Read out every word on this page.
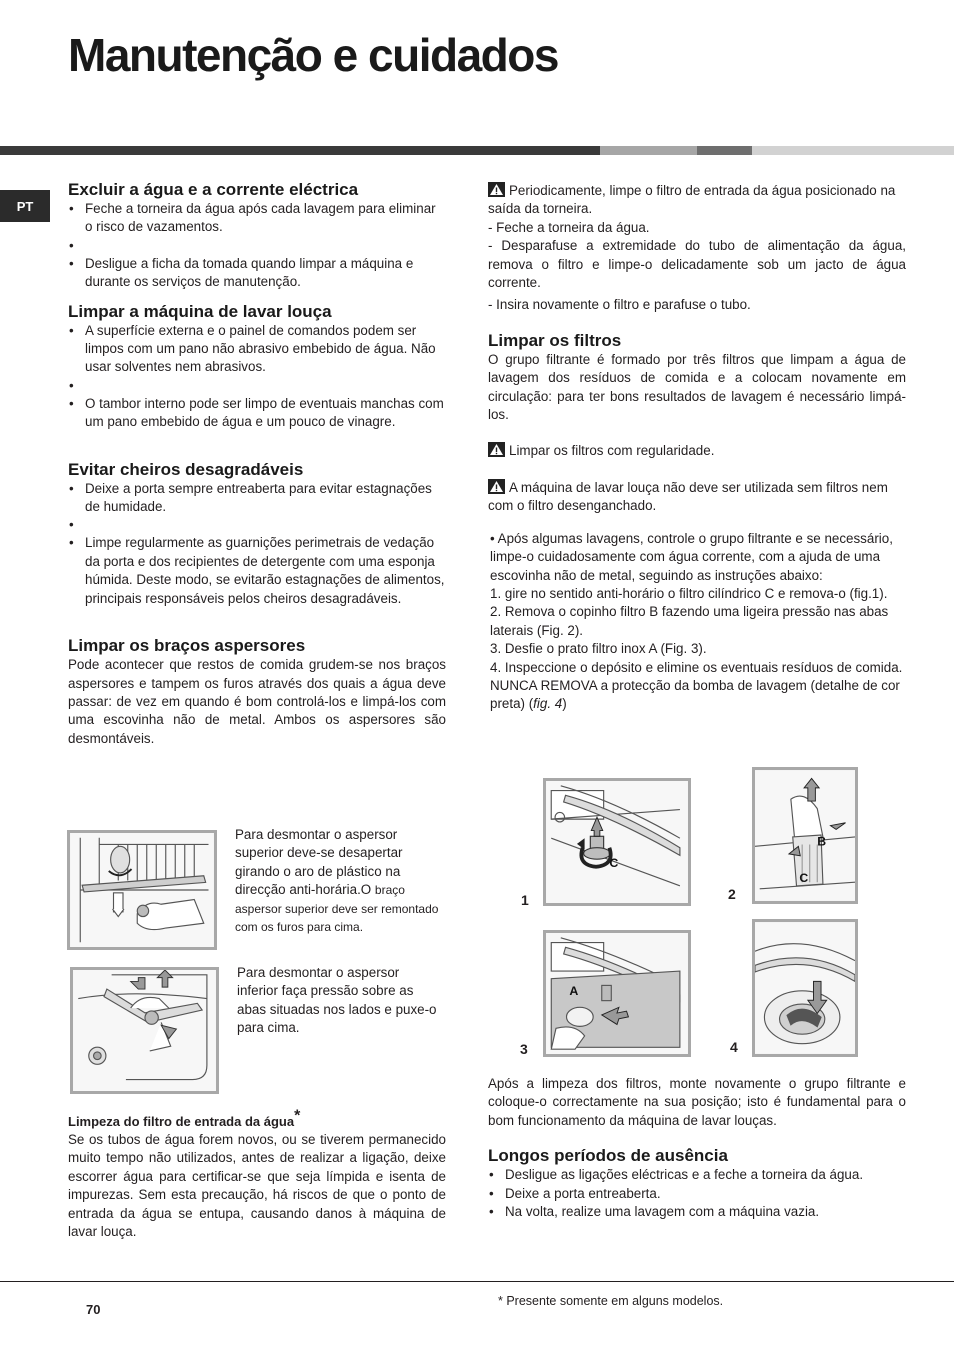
Manutenção e cuidados
PT
Excluir a água e a corrente eléctrica
• Feche a torneira da água após cada lavagem para eliminar o risco de vazamentos.
•
• Desligue a ficha da tomada quando limpar a máquina e durante os serviços de manutenção.
Limpar a máquina de lavar louça
• A superfície externa e o painel de comandos podem ser limpos com um pano não abrasivo embebido de água. Não usar solventes nem abrasivos.
•
• O tambor interno pode ser limpo de eventuais manchas com um pano embebido de água e um pouco de vinagre.
Evitar cheiros desagradáveis
• Deixe a porta sempre entreaberta para evitar estagnações de humidade.
•
• Limpe regularmente as guarnições perimetrais de vedação da porta e dos recipientes de detergente com uma esponja húmida. Deste modo, se evitarão estagnações de alimentos, principais responsáveis pelos cheiros desagradáveis.
Limpar os braços aspersores

Pode acontecer que restos de comida grudem-se nos braços aspersores e tampem os furos através dos quais a água deve passar: de vez em quando é bom controlá-los e limpá-los com uma escovinha não de metal. Ambos os aspersores são desmontáveis.

Para desmontar o aspersor superior deve-se desapertar girando o aro de plástico na direcção anti-horária.O braço aspersor superior deve ser remontado com os furos para cima.
Para desmontar o aspersor inferior faça pressão sobre as abas situadas nos lados e puxe-o para cima.
Limpeza do filtro de entrada da água*

Se os tubos de água forem novos, ou se tiverem permanecido muito tempo não utilizados, antes de realizar a ligação, deixe escorrer água para certificar-se que seja límpida e isenta de impurezas. Sem esta precaução, há riscos de que o ponto de entrada da água se entupa, causando danos à máquina de lavar louça.

Periodicamente, limpe o filtro de entrada da água posicionado na saída da torneira.

- Feche a torneira da água.

- Desparafuse a extremidade do tubo de alimentação da água, remova o filtro e limpe-o delicadamente sob um jacto de água corrente.

- Insira novamente o filtro e parafuse o tubo.

Limpar os filtros

O grupo filtrante é formado por três filtros que limpam a água de lavagem dos resíduos de comida e a colocam novamente em circulação: para ter bons resultados de lavagem é necessário limpá-los.

Limpar os filtros com regularidade.

A máquina de lavar louça não deve ser utilizada sem filtros nem com o filtro desenganchado.

• Após algumas lavagens, controle o grupo filtrante e se necessário, limpe-o cuidadosamente com água corrente, com a ajuda de uma escovinha não de metal, seguindo as instruções abaixo:

1. gire no sentido anti-horário o filtro cilíndrico C e remova-o (fig.1).

2. Remova o copinho filtro B fazendo uma ligeira pressão nas abas laterais (Fig. 2).

3. Desfie o prato filtro inox A (Fig. 3).

4. Inspeccione o depósito e elimine os eventuais resíduos de comida. NUNCA REMOVA a protecção da bomba de lavagem (detalhe de cor preta) (fig. 4)

C
1
B
C
2
A
3	4

Após a limpeza dos filtros, monte novamente o grupo filtrante e coloque-o correctamente na sua posição; isto é fundamental para o bom funcionamento da máquina de lavar louças.

Longos períodos de ausência
• Desligue as ligações eléctricas e a feche a torneira da água.
• Deixe a porta entreaberta.
• Na volta, realize uma lavagem com a máquina vazia.
70
* Presente somente em alguns modelos.
